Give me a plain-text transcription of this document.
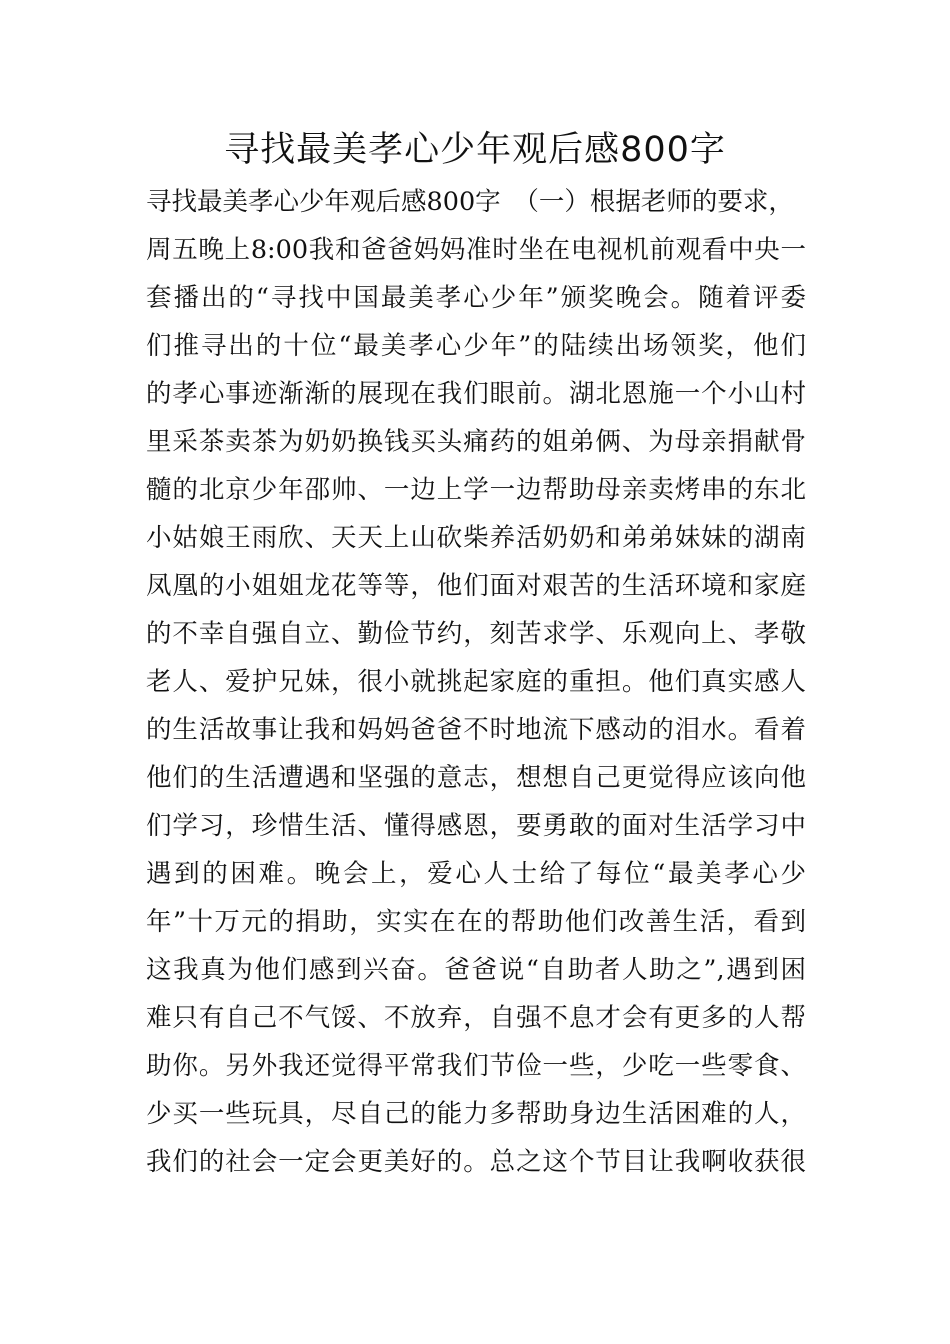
寻找最美孝心少年观后感800字
寻找最美孝心少年观后感800字　（一）根据老师的要求，
周五晚上8:00我和爸爸妈妈准时坐在电视机前观看中央一
套播出的“寻找中国最美孝心少年”颁奖晚会。随着评委
们推寻出的十位“最美孝心少年”的陆续出场领奖，他们
的孝心事迹渐渐的展现在我们眼前。湖北恩施一个小山村
里采茶卖茶为奶奶换钱买头痛药的姐弟俩、为母亲捐献骨
髓的北京少年邵帅、一边上学一边帮助母亲卖烤串的东北
小姑娘王雨欣、天天上山砍柴养活奶奶和弟弟妹妹的湖南
凤凰的小姐姐龙花等等，他们面对艰苦的生活环境和家庭
的不幸自强自立、勤俭节约，刻苦求学、乐观向上、孝敬
老人、爱护兄妹，很小就挑起家庭的重担。他们真实感人
的生活故事让我和妈妈爸爸不时地流下感动的泪水。看着
他们的生活遭遇和坚强的意志，想想自己更觉得应该向他
们学习，珍惜生活、懂得感恩，要勇敢的面对生活学习中
遇到的困难。晚会上，爱心人士给了每位“最美孝心少
年”十万元的捐助，实实在在的帮助他们改善生活，看到
这我真为他们感到兴奋。爸爸说“自助者人助之”,遇到困
难只有自己不气馁、不放弃，自强不息才会有更多的人帮
助你。另外我还觉得平常我们节俭一些，少吃一些零食、
少买一些玩具，尽自己的能力多帮助身边生活困难的人，
我们的社会一定会更美好的。总之这个节目让我啊收获很
